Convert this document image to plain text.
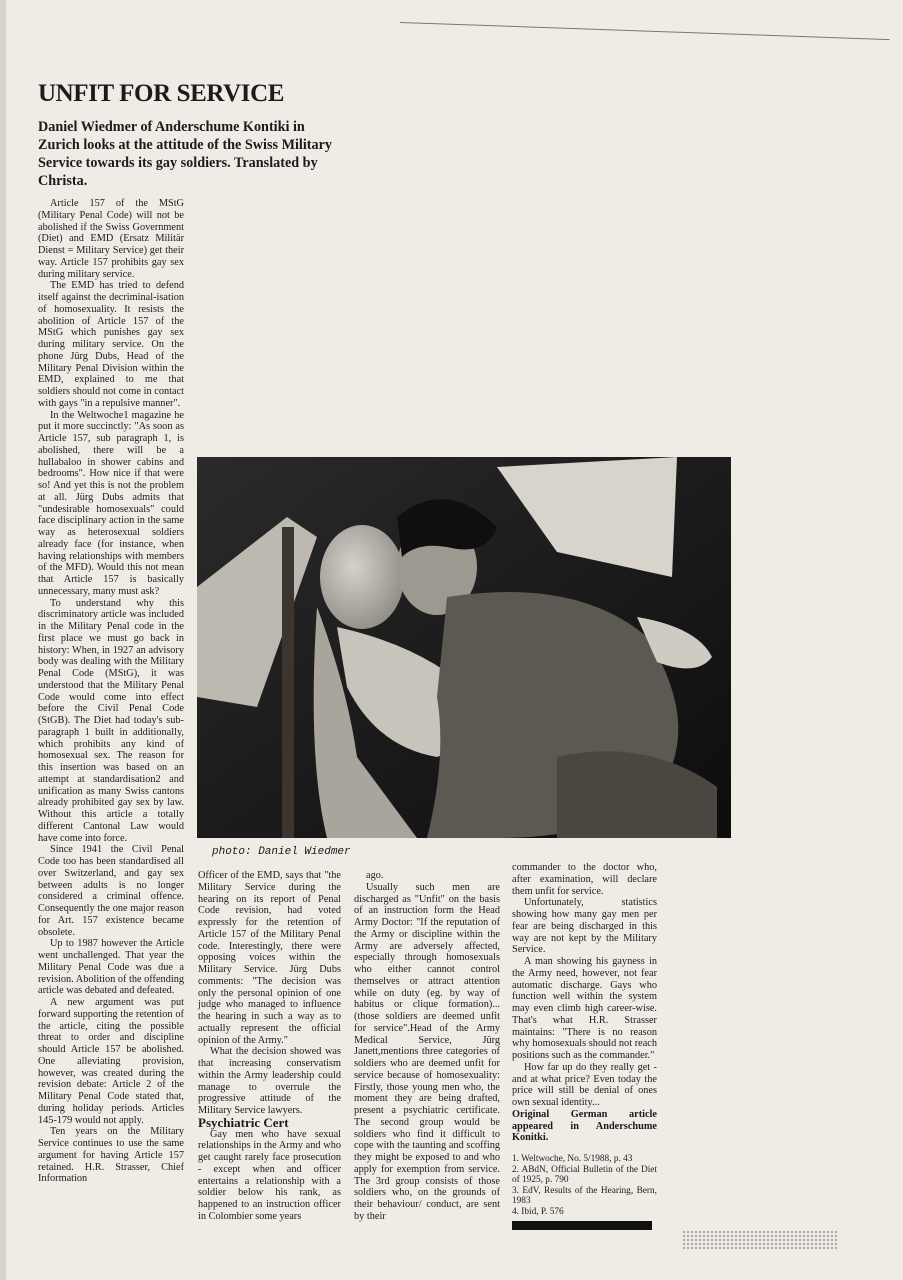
UNFIT FOR SERVICE

Daniel Wiedmer of Anderschume Kontiki in Zurich looks at the attitude of the Swiss Military Service towards its gay soldiers. Translated by Christa.

Article 157 of the MStG (Military Penal Code) will not be abolished if the Swiss Government (Diet) and EMD (Ersatz Militär Dienst = Military Service) get their way. Article 157 prohibits gay sex during military service.

The EMD has tried to defend itself against the decriminal-isation of homosexuality. It resists the abolition of Article 157 of the MStG which punishes gay sex during military service. On the phone Jürg Dubs, Head of the Military Penal Division within the EMD, explained to me that soldiers should not come in contact with gays "in a repulsive manner".

In the Weltwoche1 magazine he put it more succinctly: "As soon as Article 157, sub paragraph 1, is abolished, there will be a hullabaloo in shower cabins and bedrooms". How nice if that were so! And yet this is not the problem at all. Jürg Dubs admits that "undesirable homosexuals" could face disciplinary action in the same way as heterosexual soldiers already face (for instance, when having relationships with members of the MFD). Would this not mean that Article 157 is basically unnecessary, many must ask?

To understand why this discriminatory article was included in the Military Penal code in the first place we must go back in history: When, in 1927 an advisory body was dealing with the Military Penal Code (MStG), it was understood that the Military Penal Code would come into effect before the Civil Penal Code (StGB). The Diet had today's sub-paragraph 1 built in additionally, which prohibits any kind of homosexual sex. The reason for this insertion was based on an attempt at standardisation2 and unification as many Swiss cantons already prohibited gay sex by law. Without this article a totally different Cantonal Law would have come into force.

Since 1941 the Civil Penal Code too has been standardised all over Switzerland, and gay sex between adults is no longer considered a criminal offence. Consequently the one major reason for Art. 157 existence became obsolete.

Up to 1987 however the Article went unchallenged. That year the Military Penal Code was due a revision. Abolition of the offending article was debated and defeated.

A new argument was put forward supporting the retention of the article, citing the possible threat to order and discipline should Article 157 be abolished. One alleviating provision, however, was created during the revision debate: Article 2 of the Military Penal Code stated that, during holiday periods. Articles 145-179 would not apply.

Ten years on the Military Service continues to use the same argument for having Article 157 retained. H.R. Strasser, Chief Information

photo: Daniel Wiedmer

Officer of the EMD, says that "the Military Service during the hearing on its report of Penal Code revision, had voted expressly for the retention of Article 157 of the Military Penal code. Interestingly, there were opposing voices within the Military Service. Jürg Dubs comments: "The decision was only the personal opinion of one judge who managed to influence the hearing in such a way as to actually represent the official opinion of the Army."

What the decision showed was that increasing conservatism within the Army leadership could manage to overrule the progressive attitude of the Military Service lawyers.

Psychiatric Cert

Gay men who have sexual relationships in the Army and who get caught rarely face prosecution - except when and officer entertains a relationship with a soldier below his rank, as happened to an instruction officer in Colombier some years

ago.

Usually such men are discharged as "Unfit" on the basis of an instruction form the Head Army Doctor: "If the reputation of the Army or discipline within the Army are adversely affected, especially through homosexuals who either cannot control themselves or attract attention while on duty (eg. by way of habitus or clique formation)...(those soldiers are deemed unfit for service".Head of the Army Medical Service, Jürg Janett,mentions three categories of soldiers who are deemed unfit for service because of homosexuality: Firstly, those young men who, the moment they are being drafted, present a psychiatric certificate. The second group would be soldiers who find it difficult to cope with the taunting and scoffing they might be exposed to and who apply for exemption from service. The 3rd group consists of those soldiers who, on the grounds of their behaviour/ conduct, are sent by their

commander to the doctor who, after examination, will declare them unfit for service.

Unfortunately, statistics showing how many gay men per fear are being discharged in this way are not kept by the Military Service.

A man showing his gayness in the Army need, however, not fear automatic discharge. Gays who function well within the system may even climb high career-wise. That's what H.R. Strasser maintains: "There is no reason why homosexuals should not reach positions such as the commander."

How far up do they really get - and at what price? Even today the price will still be denial of ones own sexual identity...

Original German article appeared in Anderschume Konitki.

1. Weltwoche, No. 5/1988, p. 43
2. ABdN, Official Bulletin of the Diet of 1925, p. 790
3. EdV, Results of the Hearing, Bern, 1983
4. Ibid, P. 576
